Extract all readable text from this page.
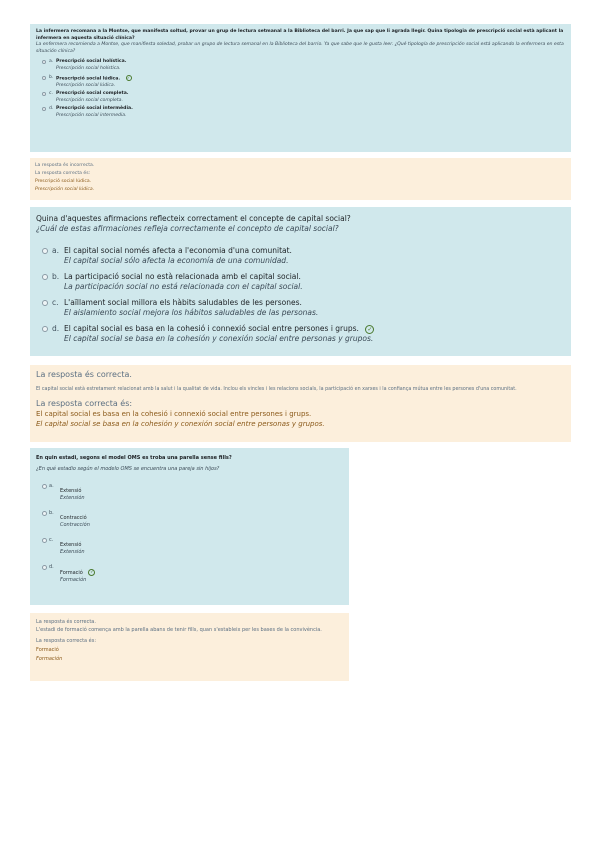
La infermera recomana a la Montse, que manifesta soltud, provar un grup de lectura setmanal a la Biblioteca del barri. Ja que sap que li agrada llegir. Quina tipologia de prescripció social està aplicant la infermera en aquesta situació clínica?
La enfermera recomienda a Montse, que manifiesta soledad, probar un grupo de lectura semanal en la Biblioteca del barrio. Ya que sabe que le gusta leer. ¿Qué tipología de prescripción social está aplicando la enfermera en esta situación clínica?
a. Prescripció social holística.
Prescripción social holística.
b. Prescripció social lúdica. ✓
Prescripción social lúdica.
c. Prescripció social completa.
Prescripción social completa.
d. Prescripció social intermèdia.
Prescripción social intermedia.
La resposta és incorrecta.
La resposta correcta és:
Prescripció social lúdica.
Prescripción social lúdica.
Quina d'aquestes afirmacions reflecteix correctament el concepte de capital social?
¿Cuál de estas afirmaciones refleja correctamente el concepto de capital social?
a. El capital social només afecta a l'economia d'una comunitat.
El capital social sólo afecta la economía de una comunidad.
b. La participació social no està relacionada amb el capital social.
La participación social no está relacionada con el capital social.
c. L'aïllament social millora els hàbits saludables de les persones.
El aislamiento social mejora los hábitos saludables de las personas.
d. El capital social es basa en la cohesió i connexió social entre persones i grups. ✓
El capital social se basa en la cohesión y conexión social entre personas y grupos.
La resposta és correcta.
El capital social està estretament relacionat amb la salut i la qualitat de vida. Inclou els vincles i les relacions socials, la participació en xarxes i la confiança mútua entre les persones d'una comunitat.
La resposta correcta és:
El capital social es basa en la cohesió i connexió social entre persones i grups.
El capital social se basa en la cohesión y conexión social entre personas y grupos.
En quin estadi, segons el model OMS es troba una parella sense fills?
¿En qué estadio según el modelo OMS se encuentra una pareja sin hijos?
a.
Extensió
Extensión
b.
Contracció
Contracción
c.
Extensió
Extensión
d.
Formació ✓
Formación
La resposta és correcta.
L'estadi de formació comença amb la parella abans de tenir fills, quan s'estableix per les bases de la convivència.
La resposta correcta és:
Formació
Formación
